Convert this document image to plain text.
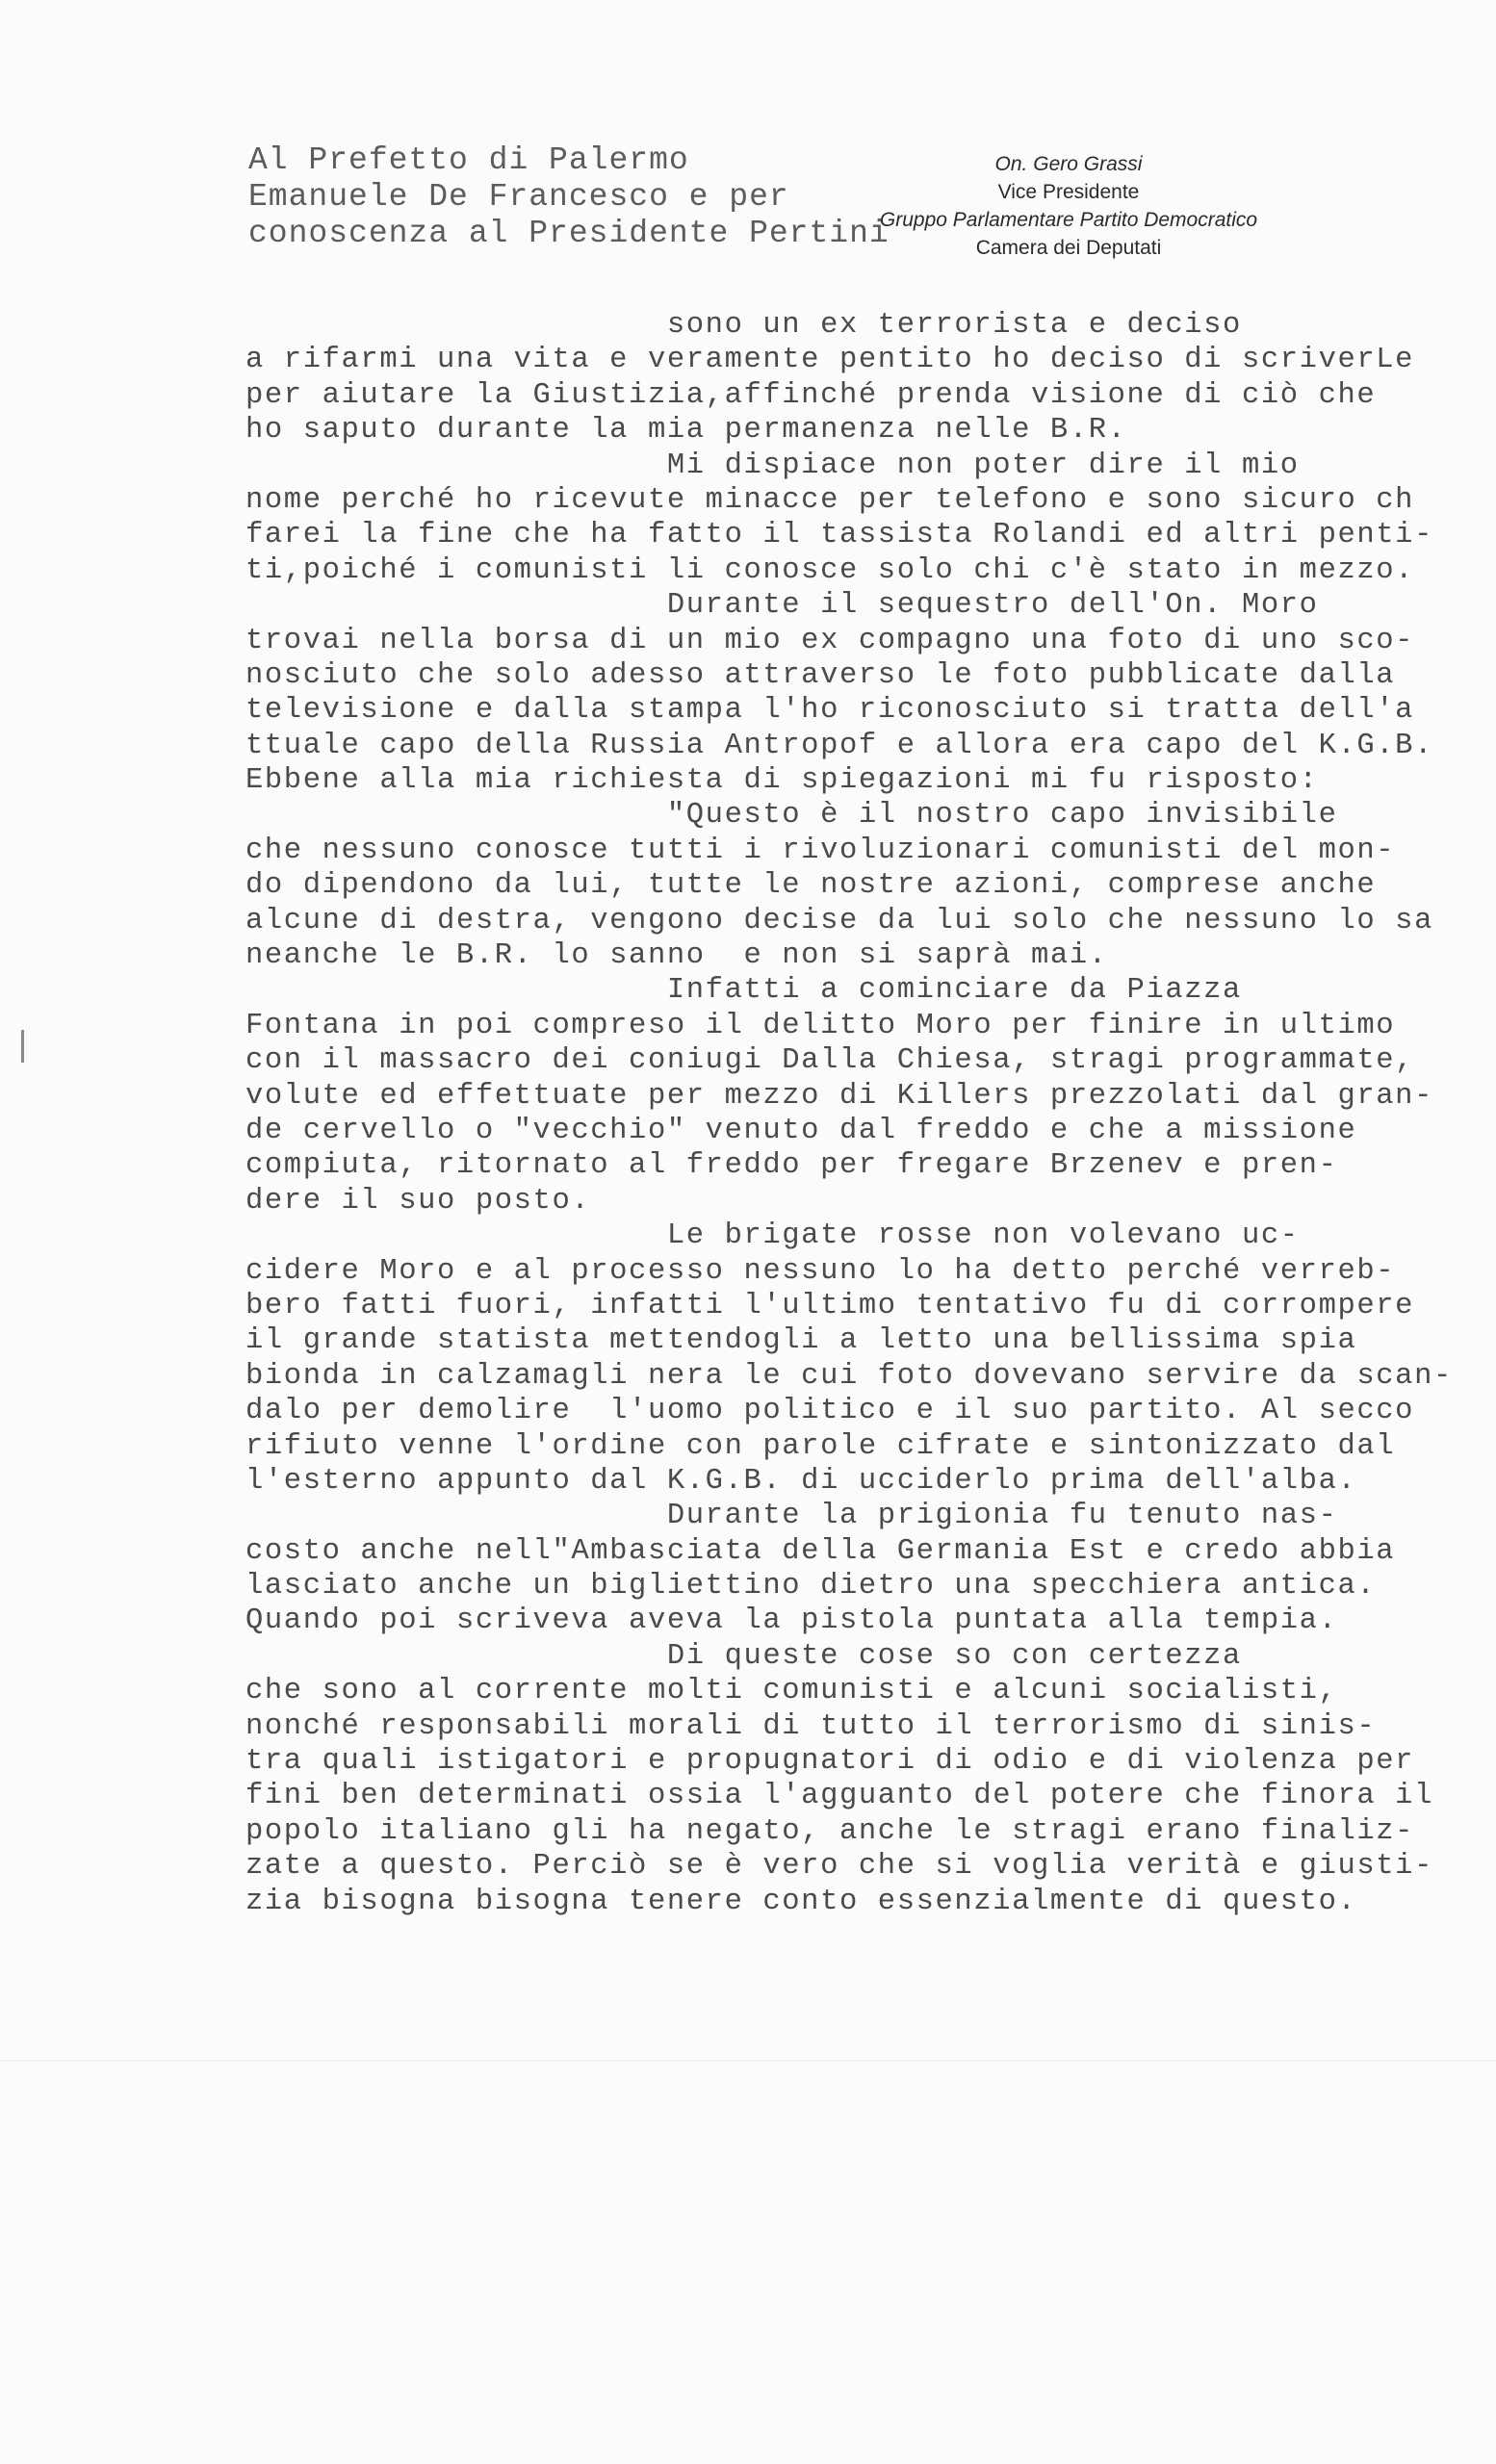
Al Prefetto di Palermo
Emanuele De Francesco e per
conoscenza al Presidente Pertini
On. Gero Grassi
Vice Presidente
Gruppo Parlamentare Partito Democratico
Camera dei Deputati
sono un ex terrorista e deciso
a rifarmi una vita e veramente pentito ho deciso di scriverLe
per aiutare la Giustizia,affinché prenda visione di ciò che
ho saputo durante la mia permanenza nelle B.R.
Mi dispiace non poter dire il mio
nome perché ho ricevute minacce per telefono e sono sicuro ch
farei la fine che ha fatto il tassista Rolandi ed altri penti-
ti,poiché i comunisti li conosce solo chi c'è stato in mezzo.
Durante il sequestro dell'On. Moro
trovai nella borsa di un mio ex compagno una foto di uno sco-
nosciuto che solo adesso attraverso le foto pubblicate dalla
televisione e dalla stampa l'ho riconosciuto si tratta dell'a
ttuale capo della Russia Antropof e allora era capo del K.G.B.
Ebbene alla mia richiesta di spiegazioni mi fu risposto:
"Questo è il nostro capo invisibile
che nessuno conosce tutti i rivoluzionari comunisti del mon-
do dipendono da lui, tutte le nostre azioni, comprese anche
alcune di destra, vengono decise da lui solo che nessuno lo sa
neanche le B.R. lo sanno  e non si saprà mai.
Infatti a cominciare da Piazza
Fontana in poi compreso il delitto Moro per finire in ultimo
con il massacro dei coniugi Dalla Chiesa, stragi programmate,
volute ed effettuate per mezzo di Killers prezzolati dal gran-
de cervello o "vecchio" venuto dal freddo e che a missione
compiuta, ritornato al freddo per fregare Brzenev e pren-
dere il suo posto.
Le brigate rosse non volevano uc-
cidere Moro e al processo nessuno lo ha detto perché verreb-
bero fatti fuori, infatti l'ultimo tentativo fu di corrompere
il grande statista mettendogli a letto una bellissima spia
bionda in calzamagli nera le cui foto dovevano servire da scan-
dalo per demolire  l'uomo politico e il suo partito. Al secco
rifiuto venne l'ordine con parole cifrate e sintonizzato dal
l'esterno appunto dal K.G.B. di ucciderlo prima dell'alba.
Durante la prigionia fu tenuto nas-
costo anche nell"Ambasciata della Germania Est e credo abbia
lasciato anche un bigliettino dietro una specchiera antica.
Quando poi scriveva aveva la pistola puntata alla tempia.
Di queste cose so con certezza
che sono al corrente molti comunisti e alcuni socialisti,
nonché responsabili morali di tutto il terrorismo di sinis-
tra quali istigatori e propugnatori di odio e di violenza per
fini ben determinati ossia l'agguanto del potere che finora il
popolo italiano gli ha negato, anche le stragi erano finaliz-
zate a questo. Perciò se è vero che si voglia verità e giusti-
zia bisogna bisogna tenere conto essenzialmente di questo.
